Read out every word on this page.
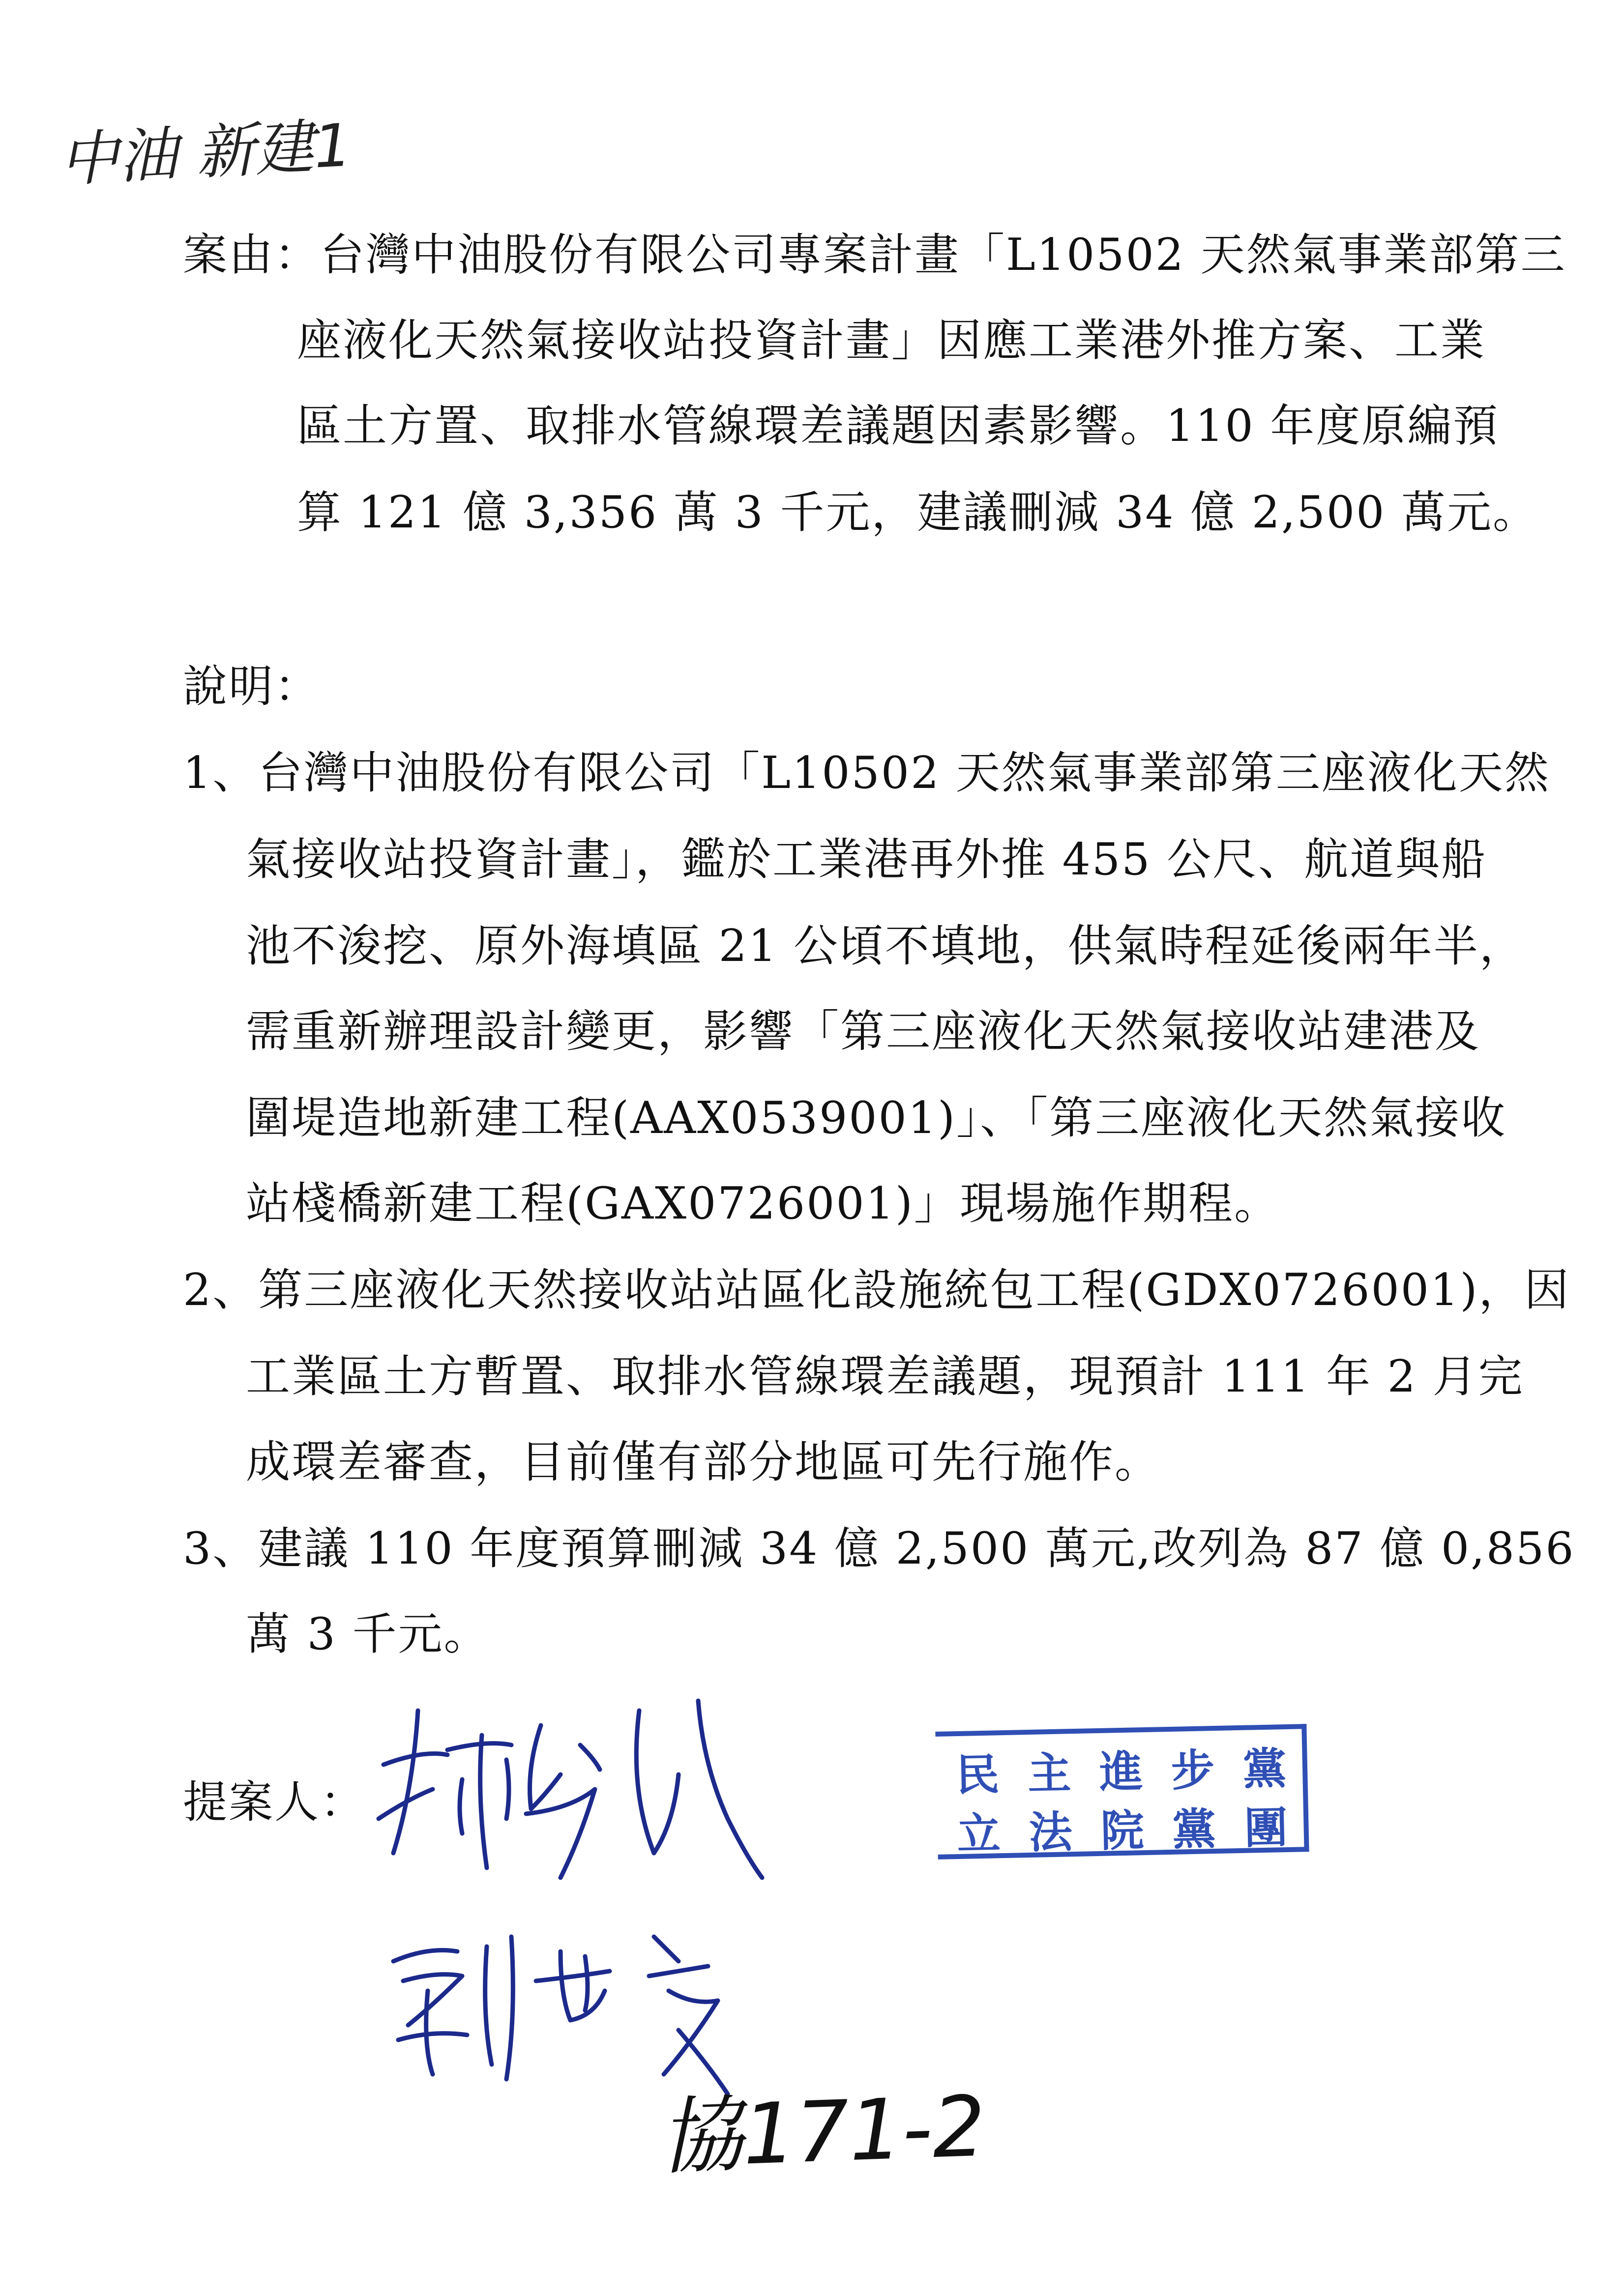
中油 新建1
案由：台灣中油股份有限公司專案計畫「L10502 天然氣事業部第三
座液化天然氣接收站投資計畫」因應工業港外推方案、工業
區土方置、取排水管線環差議題因素影響。110 年度原編預
算 121 億 3,356 萬 3 千元，建議刪減 34 億 2,500 萬元。
說明：
1、台灣中油股份有限公司「L10502 天然氣事業部第三座液化天然
氣接收站投資計畫」，鑑於工業港再外推 455 公尺、航道與船
池不浚挖、原外海填區 21 公頃不填地，供氣時程延後兩年半，
需重新辦理設計變更，影響「第三座液化天然氣接收站建港及
圍堤造地新建工程(AAX0539001)」、「第三座液化天然氣接收
站棧橋新建工程(GAX0726001)」現場施作期程。
2、第三座液化天然接收站站區化設施統包工程(GDX0726001)，因
工業區土方暫置、取排水管線環差議題，現預計 111 年 2 月完
成環差審查，目前僅有部分地區可先行施作。
3、建議 110 年度預算刪減 34 億 2,500 萬元,改列為 87 億 0,856
萬 3 千元。
提案人：
協171-2
民主進步黨
立法院黨團
